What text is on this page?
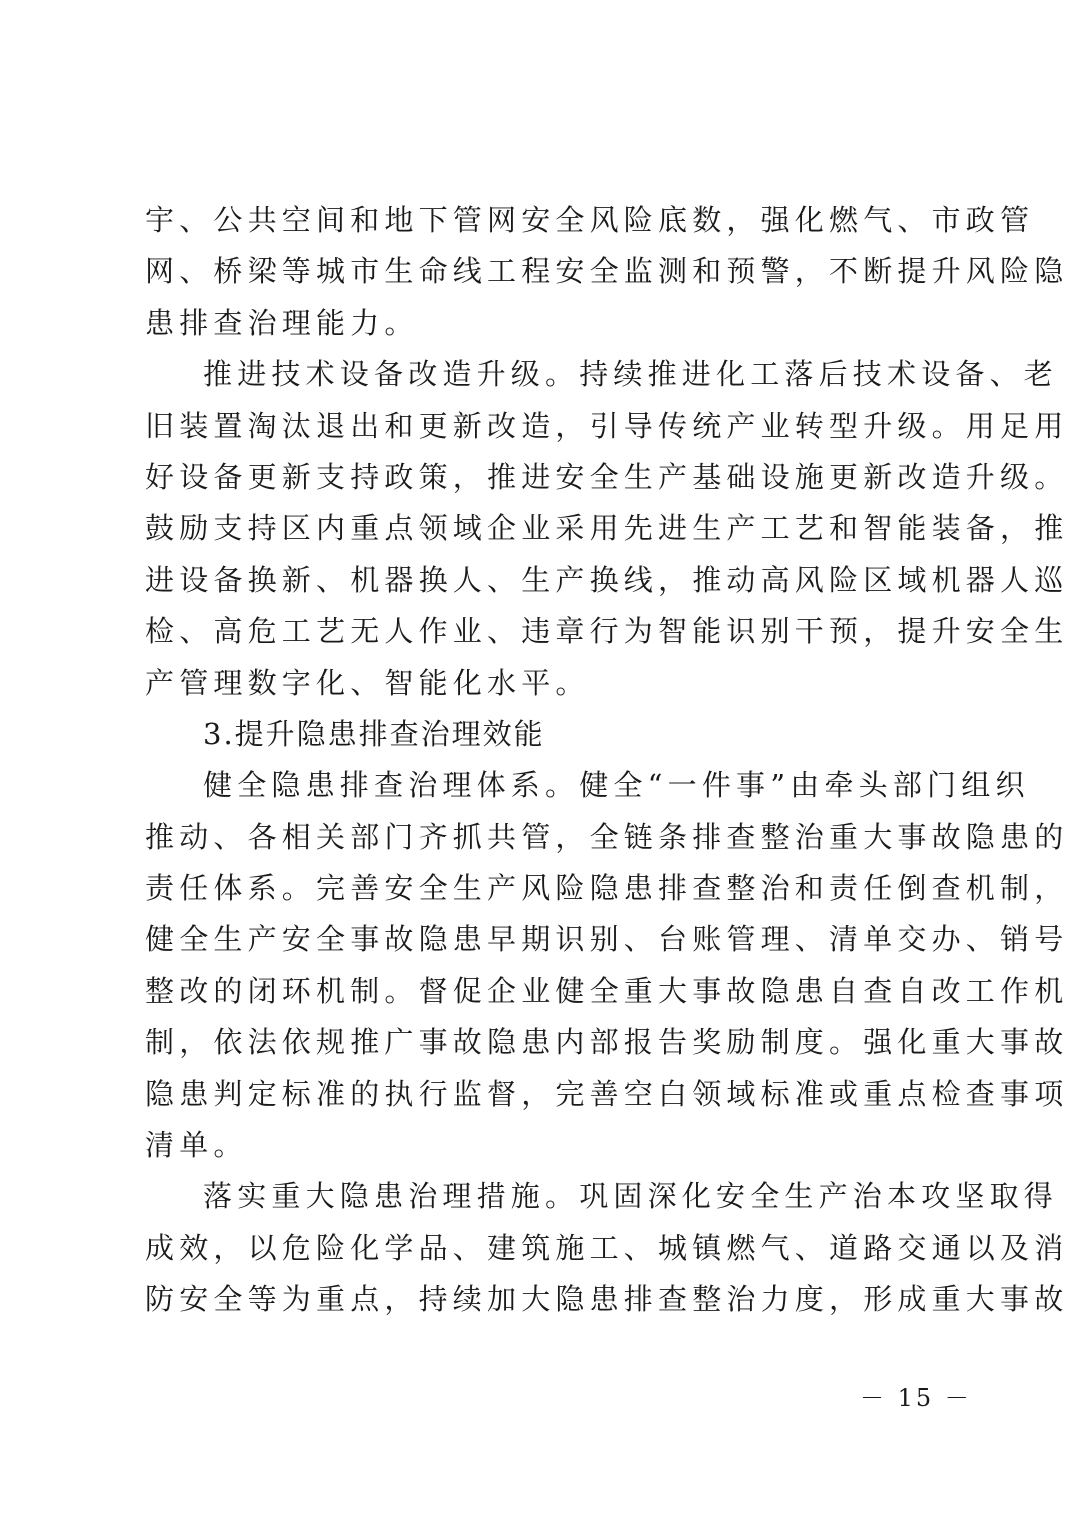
宇、公共空间和地下管网安全风险底数，强化燃气、市政管
网、桥梁等城市生命线工程安全监测和预警，不断提升风险隐
患排查治理能力。
推进技术设备改造升级。持续推进化工落后技术设备、老
旧装置淘汰退出和更新改造，引导传统产业转型升级。用足用
好设备更新支持政策，推进安全生产基础设施更新改造升级。
鼓励支持区内重点领域企业采用先进生产工艺和智能装备，推
进设备换新、机器换人、生产换线，推动高风险区域机器人巡
检、高危工艺无人作业、违章行为智能识别干预，提升安全生
产管理数字化、智能化水平。
3.提升隐患排查治理效能
健全隐患排查治理体系。健全“一件事”由牵头部门组织
推动、各相关部门齐抓共管，全链条排查整治重大事故隐患的
责任体系。完善安全生产风险隐患排查整治和责任倒查机制，
健全生产安全事故隐患早期识别、台账管理、清单交办、销号
整改的闭环机制。督促企业健全重大事故隐患自查自改工作机
制，依法依规推广事故隐患内部报告奖励制度。强化重大事故
隐患判定标准的执行监督，完善空白领域标准或重点检查事项
清单。
落实重大隐患治理措施。巩固深化安全生产治本攻坚取得
成效，以危险化学品、建筑施工、城镇燃气、道路交通以及消
防安全等为重点，持续加大隐患排查整治力度，形成重大事故
－ 15 －
